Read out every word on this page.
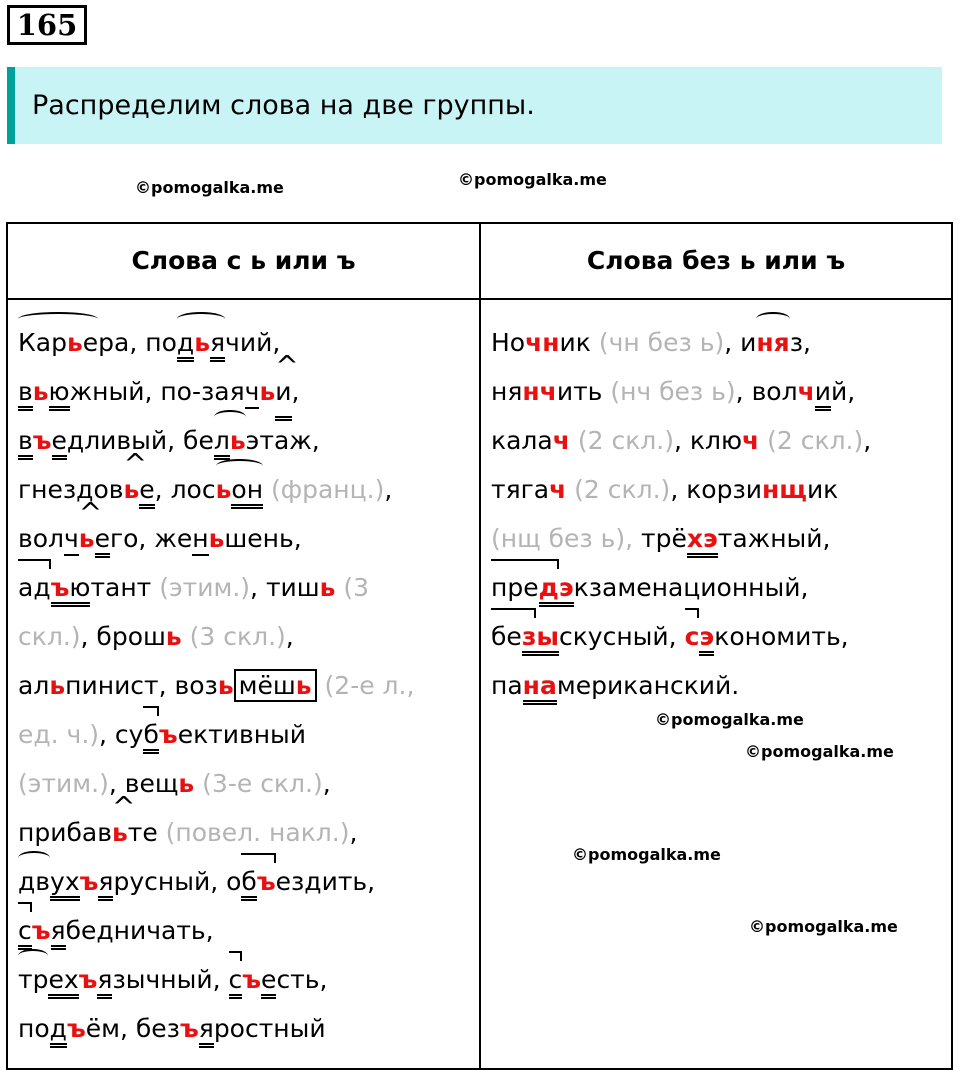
165
Распределим слова на две группы.
©pomogalka.me	©pomogalka.me
©pomogalka.me
©pomogalka.me
©pomogalka.me
©pomogalka.me
Слова с ь или ъ	Слова без ь или ъ
Карьера, подьячий,
вьюжный, по-заячь^ и,
въедливый, бельэтаж,
гнездов^ ье, лосьон (франц.),
волч^ ьего, женьшень,
адъютант (этим.), тишь (3
скл.), брошь (3 скл.),
альпинист, возь мёшь (2-е л.,
ед. ч.), субъективный
(этим.), вещь (3-е скл.),
прибав^ ьте (повел. накл.),
двухъярусный, объездить,
съябедничать,
трехъязычный, съесть,
подъём, безъяростный
Ночник (чн без ь), иняз,
нянчить (нч без ь), волчий,
калач (2 скл.), ключ (2 скл.),
тягач (2 скл.), корзинщик
(нщ без ь), трёхэтажный,
предэкзаменационный,
безыскусный, сэкономить,
панамериканский.
